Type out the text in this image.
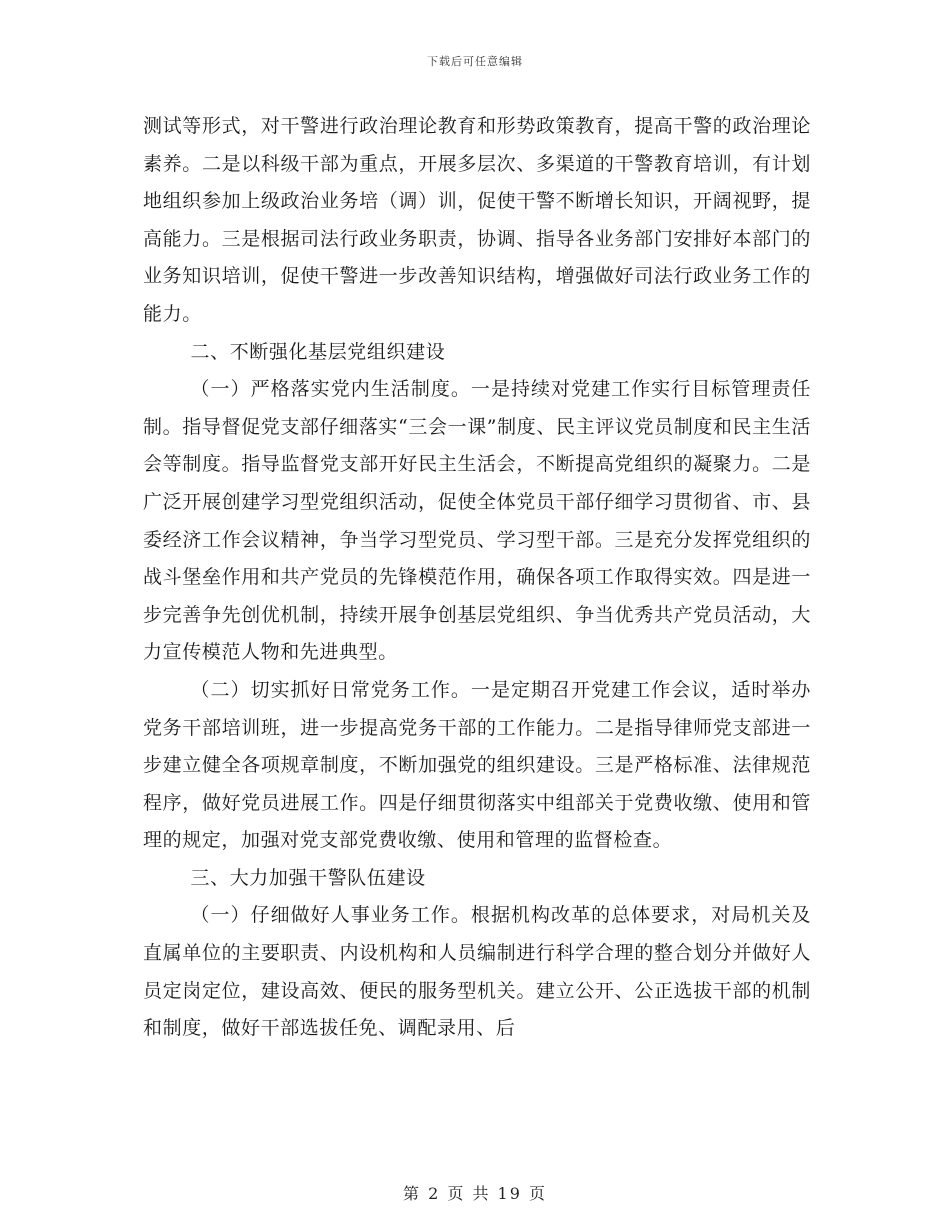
下载后可任意编辑

测试等形式，对干警进行政治理论教育和形势政策教育，提高干警的政治理论素养。二是以科级干部为重点，开展多层次、多渠道的干警教育培训，有计划地组织参加上级政治业务培（调）训，促使干警不断增长知识，开阔视野，提高能力。三是根据司法行政业务职责，协调、指导各业务部门安排好本部门的业务知识培训，促使干警进一步改善知识结构，增强做好司法行政业务工作的能力。

二、不断强化基层党组织建设

（一）严格落实党内生活制度。一是持续对党建工作实行目标管理责任制。指导督促党支部仔细落实“三会一课”制度、民主评议党员制度和民主生活会等制度。指导监督党支部开好民主生活会，不断提高党组织的凝聚力。二是广泛开展创建学习型党组织活动，促使全体党员干部仔细学习贯彻省、市、县委经济工作会议精神，争当学习型党员、学习型干部。三是充分发挥党组织的战斗堡垒作用和共产党员的先锋模范作用，确保各项工作取得实效。四是进一步完善争先创优机制，持续开展争创基层党组织、争当优秀共产党员活动，大力宣传模范人物和先进典型。

（二）切实抓好日常党务工作。一是定期召开党建工作会议，适时举办党务干部培训班，进一步提高党务干部的工作能力。二是指导律师党支部进一步建立健全各项规章制度，不断加强党的组织建设。三是严格标准、法律规范程序，做好党员进展工作。四是仔细贯彻落实中组部关于党费收缴、使用和管理的规定，加强对党支部党费收缴、使用和管理的监督检查。

三、大力加强干警队伍建设

（一）仔细做好人事业务工作。根据机构改革的总体要求，对局机关及直属单位的主要职责、内设机构和人员编制进行科学合理的整合划分并做好人员定岗定位，建设高效、便民的服务型机关。建立公开、公正选拔干部的机制和制度，做好干部选拔任免、调配录用、后

第 2 页 共 19 页
